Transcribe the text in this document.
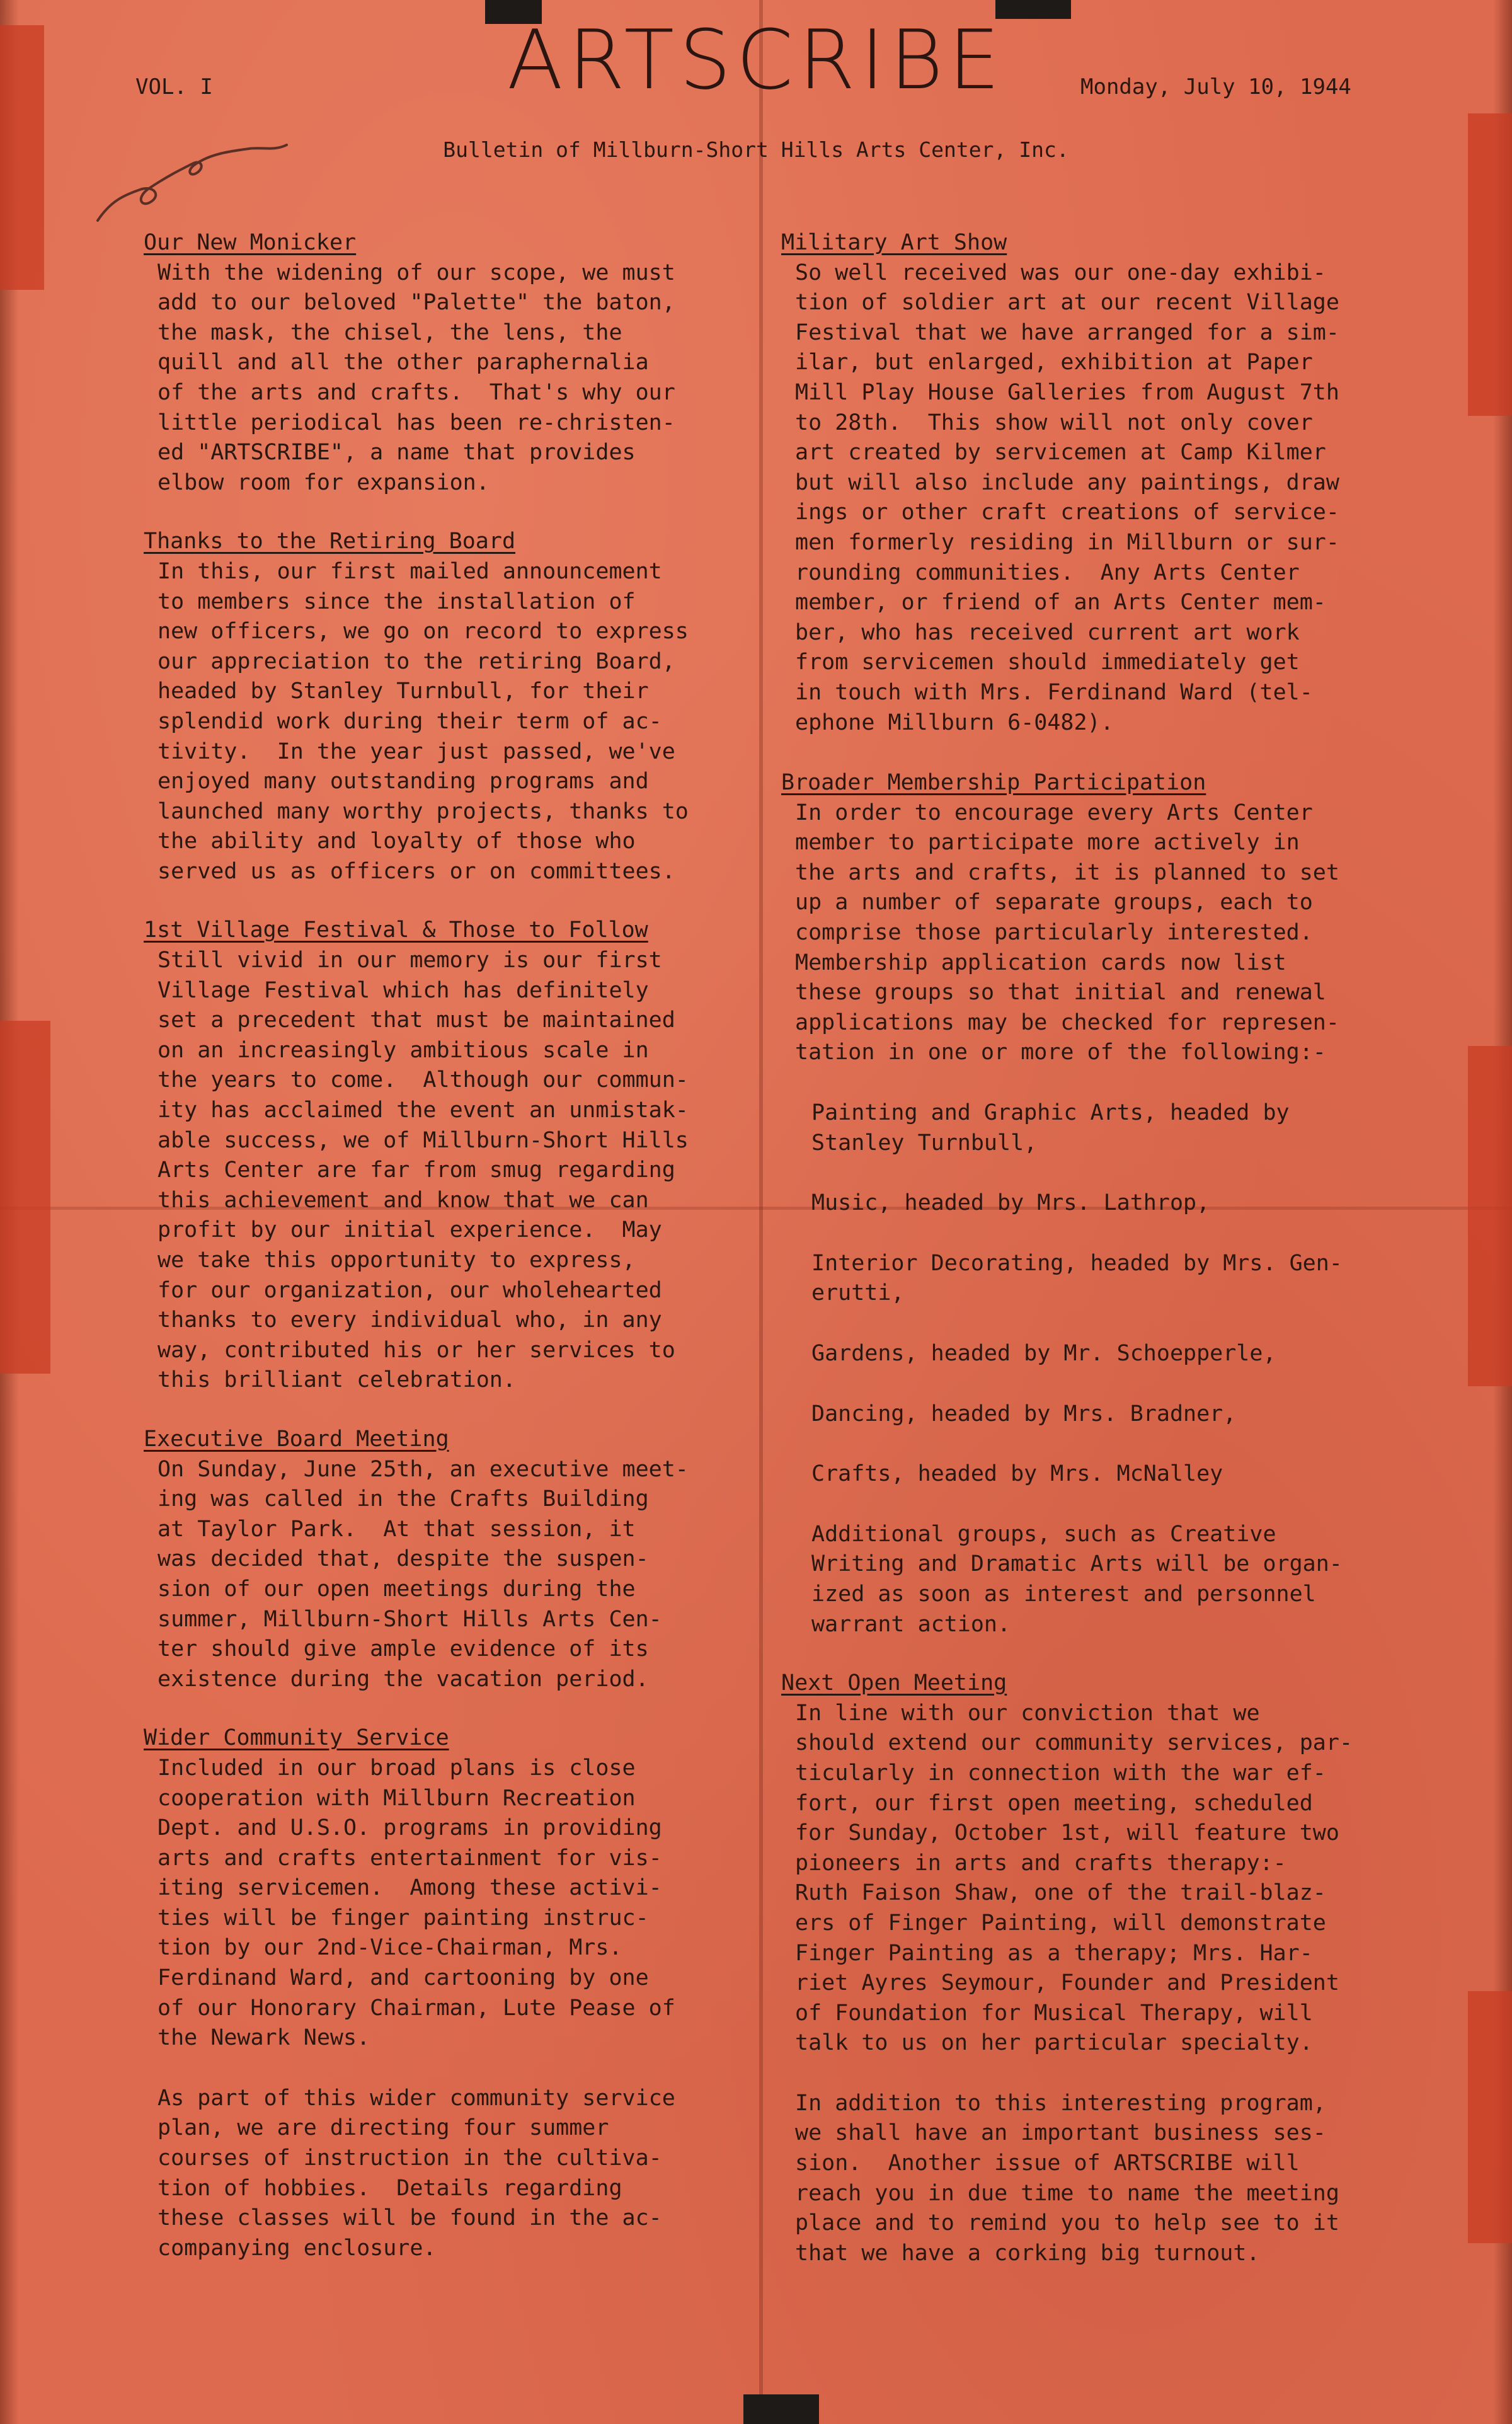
ARTSCRIBE
VOL. I	Monday, July 10, 1944
Bulletin of Millburn-Short Hills Arts Center, Inc.
Our New Monicker
With the widening of our scope, we must
add to our beloved "Palette" the baton,
the mask, the chisel, the lens, the
quill and all the other paraphernalia
of the arts and crafts.  That's why our
little periodical has been re-christen-
ed "ARTSCRIBE", a name that provides
elbow room for expansion.
Thanks to the Retiring Board
In this, our first mailed announcement
to members since the installation of
new officers, we go on record to express
our appreciation to the retiring Board,
headed by Stanley Turnbull, for their
splendid work during their term of ac-
tivity.  In the year just passed, we've
enjoyed many outstanding programs and
launched many worthy projects, thanks to
the ability and loyalty of those who
served us as officers or on committees.
1st Village Festival & Those to Follow
Still vivid in our memory is our first
Village Festival which has definitely
set a precedent that must be maintained
on an increasingly ambitious scale in
the years to come.  Although our commun-
ity has acclaimed the event an unmistak-
able success, we of Millburn-Short Hills
Arts Center are far from smug regarding
this achievement and know that we can
profit by our initial experience.  May
we take this opportunity to express,
for our organization, our wholehearted
thanks to every individual who, in any
way, contributed his or her services to
this brilliant celebration.
Executive Board Meeting
On Sunday, June 25th, an executive meet-
ing was called in the Crafts Building
at Taylor Park.  At that session, it
was decided that, despite the suspen-
sion of our open meetings during the
summer, Millburn-Short Hills Arts Cen-
ter should give ample evidence of its
existence during the vacation period.
Wider Community Service
Included in our broad plans is close
cooperation with Millburn Recreation
Dept. and U.S.O. programs in providing
arts and crafts entertainment for vis-
iting servicemen.  Among these activi-
ties will be finger painting instruc-
tion by our 2nd-Vice-Chairman, Mrs.
Ferdinand Ward, and cartooning by one
of our Honorary Chairman, Lute Pease of
the Newark News.
As part of this wider community service
plan, we are directing four summer
courses of instruction in the cultiva-
tion of hobbies.  Details regarding
these classes will be found in the ac-
companying enclosure.
Military Art Show
So well received was our one-day exhibi-
tion of soldier art at our recent Village
Festival that we have arranged for a sim-
ilar, but enlarged, exhibition at Paper
Mill Play House Galleries from August 7th
to 28th.  This show will not only cover
art created by servicemen at Camp Kilmer
but will also include any paintings, draw
ings or other craft creations of service-
men formerly residing in Millburn or sur-
rounding communities.  Any Arts Center
member, or friend of an Arts Center mem-
ber, who has received current art work
from servicemen should immediately get
in touch with Mrs. Ferdinand Ward (tel-
ephone Millburn 6-0482).
Broader Membership Participation
In order to encourage every Arts Center
member to participate more actively in
the arts and crafts, it is planned to set
up a number of separate groups, each to
comprise those particularly interested.
Membership application cards now list
these groups so that initial and renewal
applications may be checked for represen-
tation in one or more of the following:-
Painting and Graphic Arts, headed by
Stanley Turnbull,
Music, headed by Mrs. Lathrop,
Interior Decorating, headed by Mrs. Gen-
erutti,
Gardens, headed by Mr. Schoepperle,
Dancing, headed by Mrs. Bradner,
Crafts, headed by Mrs. McNalley
Additional groups, such as Creative
Writing and Dramatic Arts will be organ-
ized as soon as interest and personnel
warrant action.
Next Open Meeting
In line with our conviction that we
should extend our community services, par-
ticularly in connection with the war ef-
fort, our first open meeting, scheduled
for Sunday, October 1st, will feature two
pioneers in arts and crafts therapy:-
Ruth Faison Shaw, one of the trail-blaz-
ers of Finger Painting, will demonstrate
Finger Painting as a therapy; Mrs. Har-
riet Ayres Seymour, Founder and President
of Foundation for Musical Therapy, will
talk to us on her particular specialty.
In addition to this interesting program,
we shall have an important business ses-
sion.  Another issue of ARTSCRIBE will
reach you in due time to name the meeting
place and to remind you to help see to it
that we have a corking big turnout.
